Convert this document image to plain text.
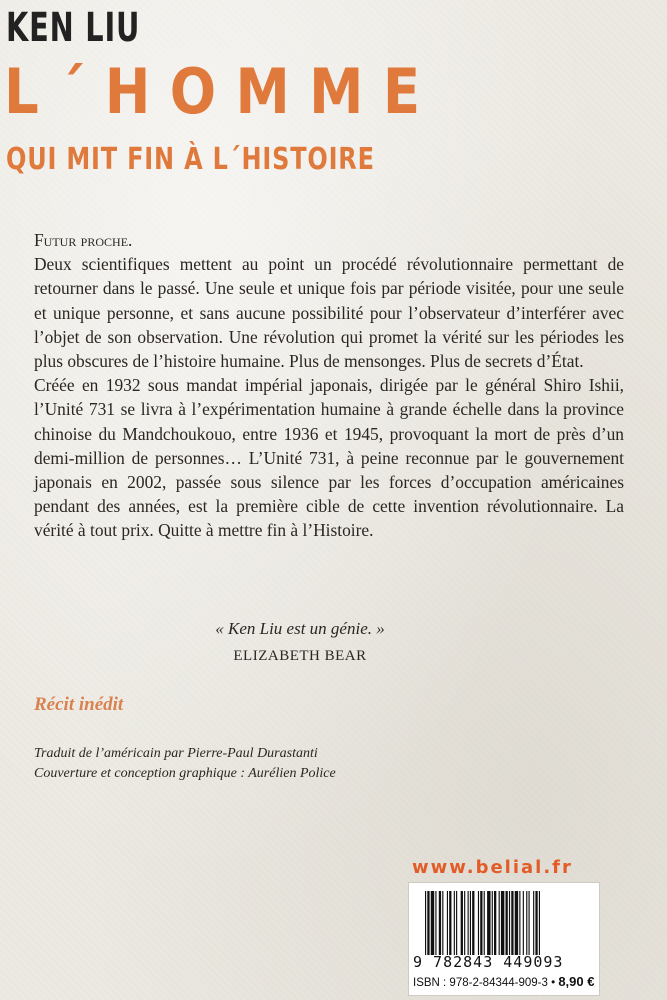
KEN LIU
L´HOMME
QUI MIT FIN À L´HISTOIRE

Futur proche.

Deux scientifiques mettent au point un procédé révolutionnaire permettant de retourner dans le passé. Une seule et unique fois par période visitée, pour une seule et unique personne, et sans aucune possibilité pour l’observateur d’interférer avec l’objet de son observation. Une révolution qui promet la vérité sur les périodes les plus obscures de l’histoire humaine. Plus de mensonges. Plus de secrets d’État.

Créée en 1932 sous mandat impérial japonais, dirigée par le général Shiro Ishii, l’Unité 731 se livra à l’expérimentation humaine à grande échelle dans la province chinoise du Mandchoukouo, entre 1936 et 1945, provoquant la mort de près d’un demi-million de personnes… L’Unité 731, à peine reconnue par le gouvernement japonais en 2002, passée sous silence par les forces d’occupation américaines pendant des années, est la première cible de cette invention révolutionnaire. La vérité à tout prix. Quitte à mettre fin à l’Histoire.

« Ken Liu est un génie. »
ELIZABETH BEAR
Récit inédit
Traduit de l’américain par Pierre-Paul Durastanti
Couverture et conception graphique : Aurélien Police
www.belial.fr
9 782843 449093
ISBN : 978-2-84344-909-3 • 8,90 €
